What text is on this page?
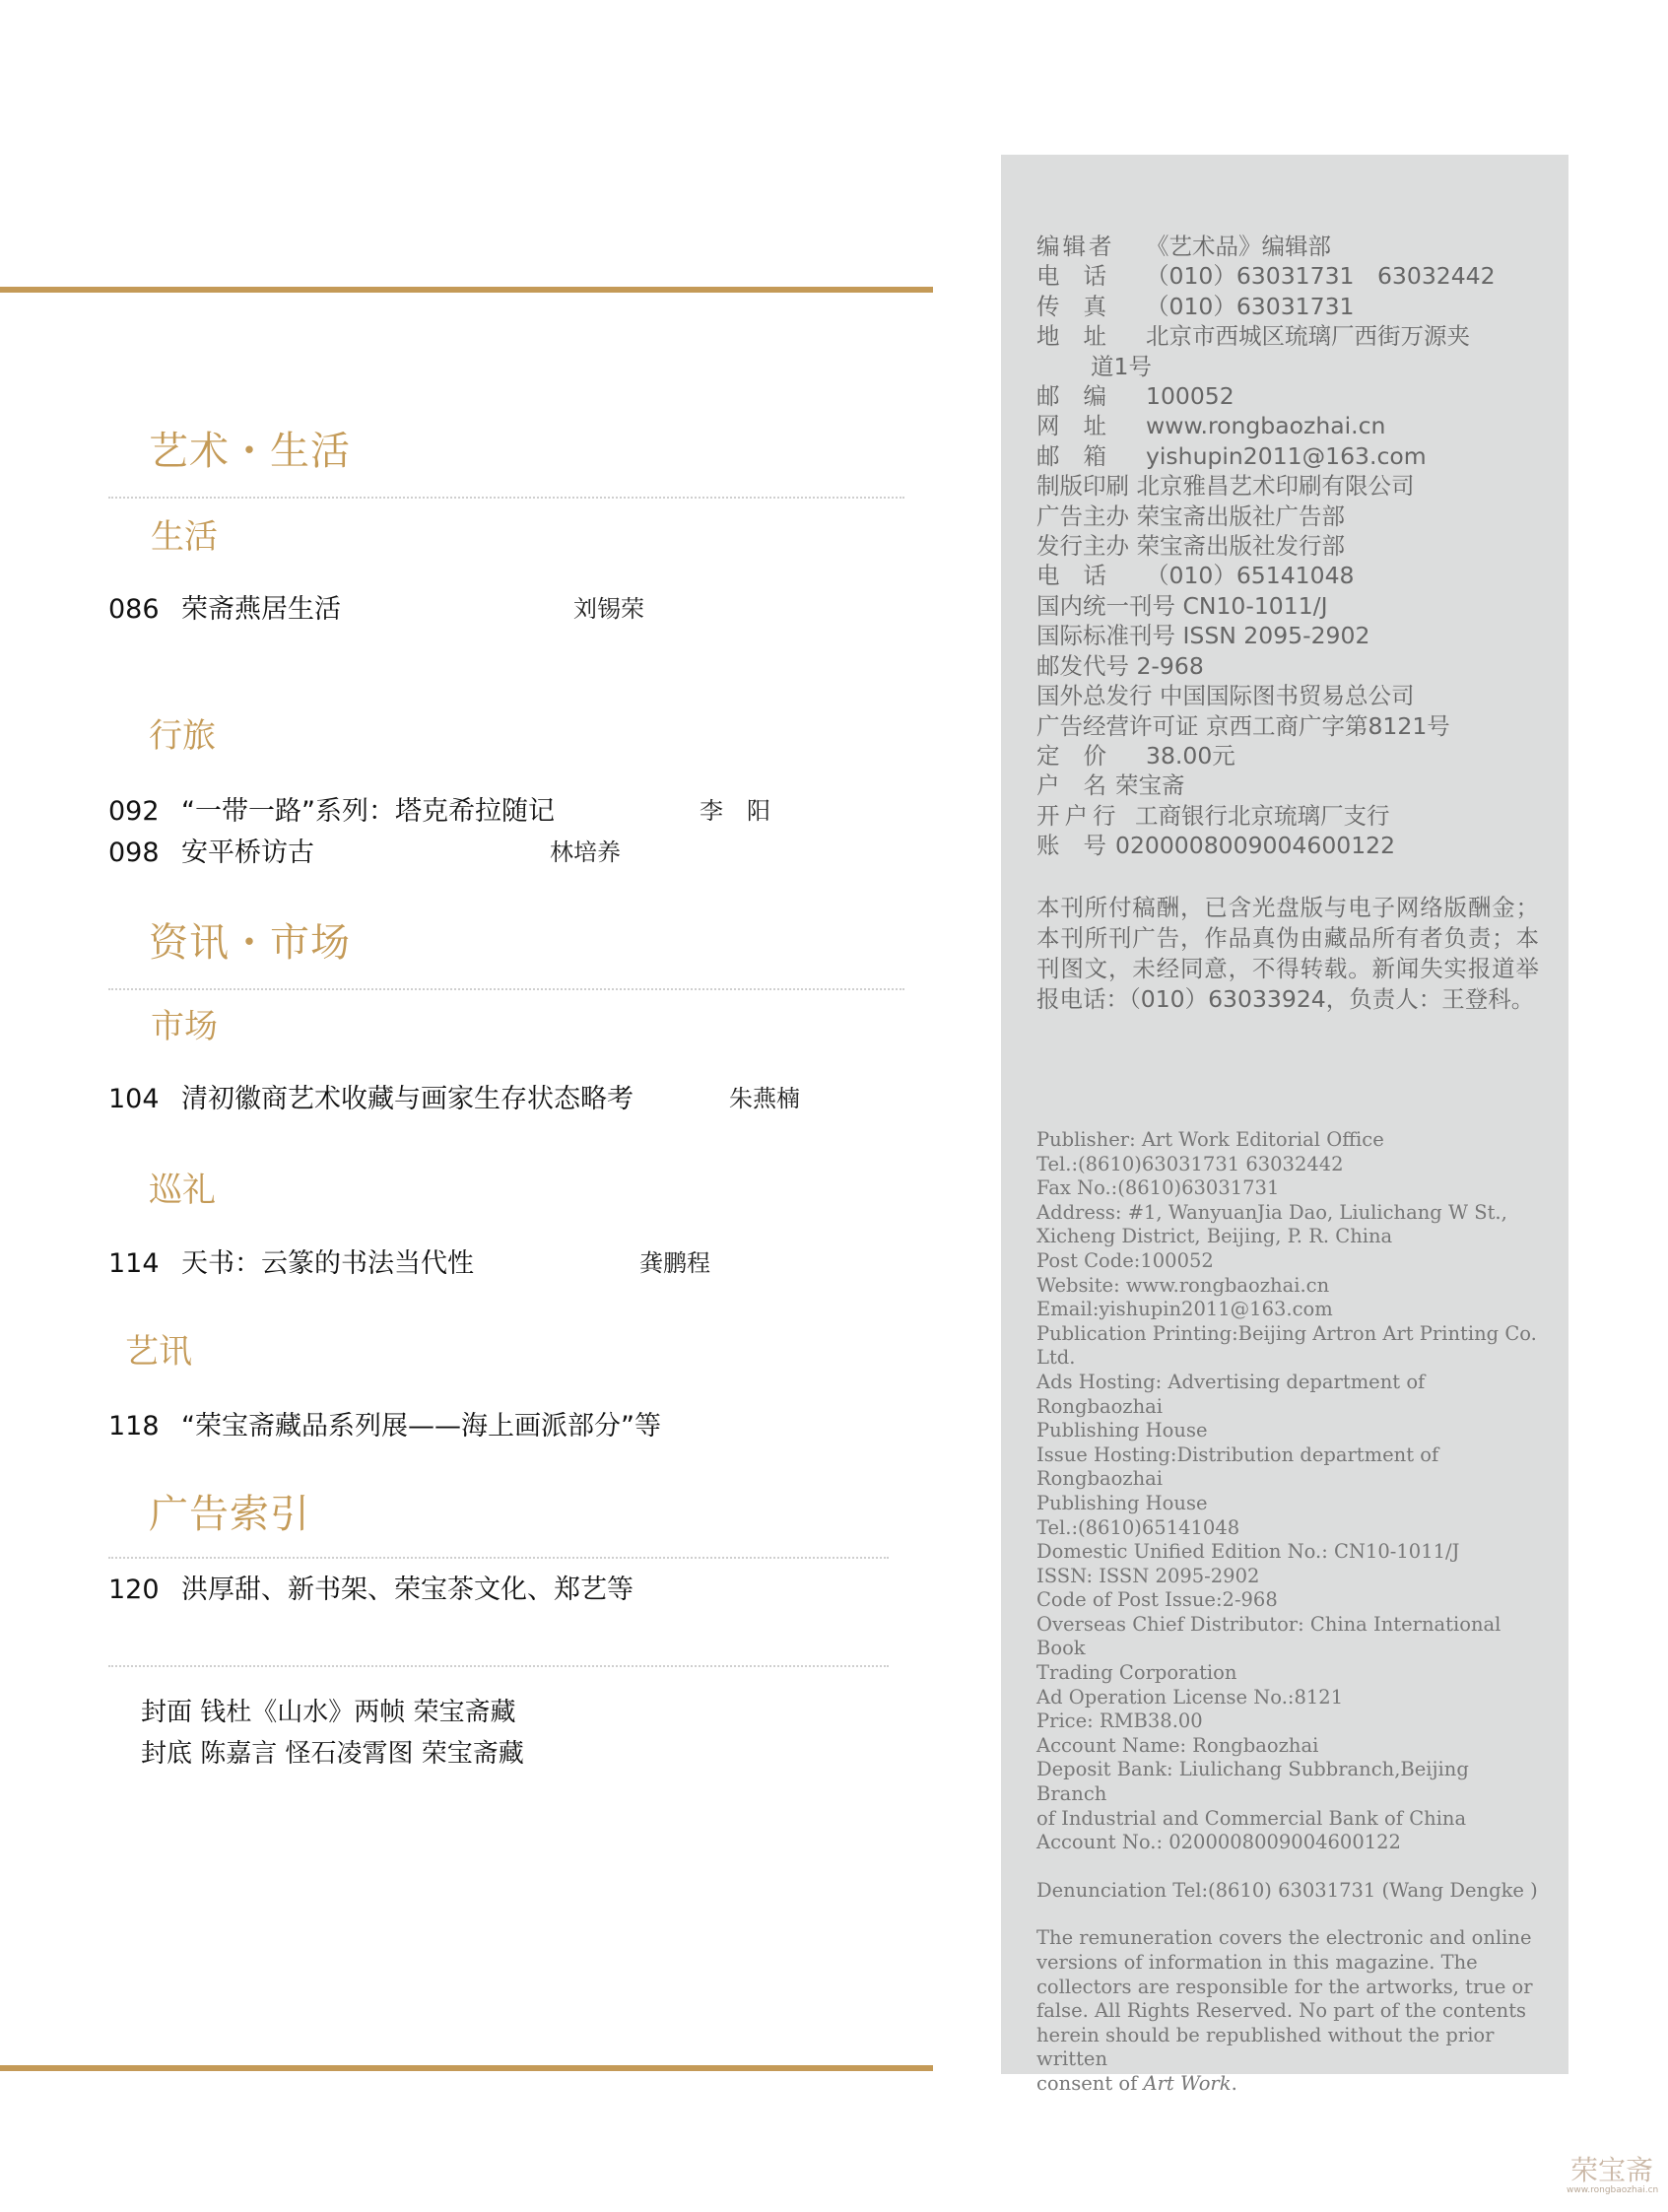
艺术・生活
生活
086 荣斋燕居生活	刘锡荣
行旅
092 “一带一路”系列：塔克希拉随记	李　阳
098 安平桥访古	林培养
资讯・市场
市场
104 清初徽商艺术收藏与画家生存状态略考	朱燕楠
巡礼
114 天书：云篆的书法当代性	龚鹏程
艺讯
118 “荣宝斋藏品系列展——海上画派部分”等
广告索引
120 洪厚甜、新书架、荣宝茶文化、郑艺等
封面 钱杜《山水》两帧 荣宝斋藏
封底 陈嘉言 怪石凌霄图 荣宝斋藏
编辑者 《艺术品》编辑部
电话 （010）63031731　63032442
传真 （010）63031731
地址 北京市西城区琉璃厂西街万源夹
道1号
邮编 100052
网址 www.rongbaozhai.cn
邮箱 yishupin2011@163.com
制版印刷 北京雅昌艺术印刷有限公司
广告主办 荣宝斋出版社广告部
发行主办 荣宝斋出版社发行部
电话 （010）65141048
国内统一刊号 CN10-1011/J
国际标准刊号 ISSN 2095-2902
邮发代号 2-968
国外总发行 中国国际图书贸易总公司
广告经营许可证 京西工商广字第8121号
定价 38.00元
户名荣宝斋
开户行 工商银行北京琉璃厂支行
账号0200008009004600122
本刊所付稿酬，已含光盘版与电子网络版酬金；本刊所刊广告，作品真伪由藏品所有者负责；本刊图文，未经同意，不得转载。新闻失实报道举报电话：（010）63033924，负责人：王登科。
Publisher: Art Work Editorial Office
Tel.:(8610)63031731 63032442
Fax No.:(8610)63031731
Address: #1, WanyuanJia Dao, Liulichang W St.,
Xicheng District, Beijing, P. R. China
Post Code:100052
Website: www.rongbaozhai.cn
Email:yishupin2011@163.com
Publication Printing:Beijing Artron Art Printing Co.
Ltd.
Ads Hosting: Advertising department of Rongbaozhai
Publishing House
Issue Hosting:Distribution department of Rongbaozhai
Publishing House
Tel.:(8610)65141048
Domestic Unified Edition No.: CN10-1011/J
ISSN: ISSN 2095-2902
Code of Post Issue:2-968
Overseas Chief Distributor: China International Book
Trading Corporation
Ad Operation License No.:8121
Price: RMB38.00
Account Name: Rongbaozhai
Deposit Bank: Liulichang Subbranch,Beijing Branch
of Industrial and Commercial Bank of China
Account No.: 0200008009004600122
Denunciation Tel:(8610) 63031731 (Wang Dengke )
The remuneration covers the electronic and online
versions of information in this magazine. The
collectors are responsible for the artworks, true or
false. All Rights Reserved. No part of the contents
herein should be republished without the prior written
consent of Art Work.
荣宝斋
www.rongbaozhai.cn
